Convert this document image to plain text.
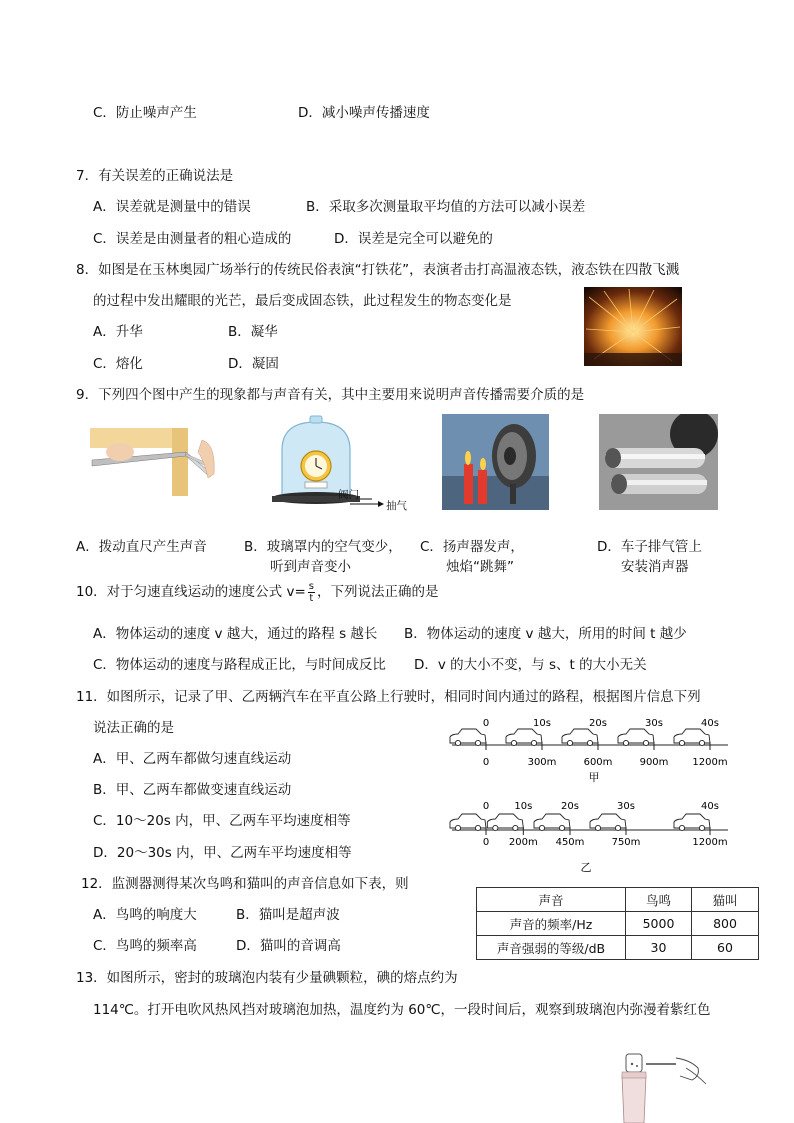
C．防止噪声产生	D．减小噪声传播速度
7．有关误差的正确说法是
A．误差就是测量中的错误	B．采取多次测量取平均值的方法可以减小误差
C．误差是由测量者的粗心造成的	D．误差是完全可以避免的
8．如图是在玉林奥园广场举行的传统民俗表演“打铁花”，表演者击打高温液态铁，液态铁在四散飞溅
的过程中发出耀眼的光芒，最后变成固态铁，此过程发生的物态变化是
A．升华	B．凝华
C．熔化	D．凝固
9．下列四个图中产生的现象都与声音有关，其中主要用来说明声音传播需要介质的是
阀门
抽气
A．拨动直尺产生声音	B．玻璃罩内的空气变少，
听到声音变小
C．扬声器发声，
烛焰“跳舞”
D．车子排气管上
安装消声器
10．对于匀速直线运动的速度公式 $v= \frac{s}{t}$ ，下列说法正确的是
A．物体运动的速度 v 越大，通过的路程 s 越长 B．物体运动的速度 v 越大，所用的时间 t 越少
C．物体运动的速度与路程成正比，与时间成反比 D．v 的大小不变，与 s、t 的大小无关
11．如图所示，记录了甲、乙两辆汽车在平直公路上行驶时，相同时间内通过的路程，根据图片信息下列
说法正确的是
A．甲、乙两车都做匀速直线运动
B．甲、乙两车都做变速直线运动
C．10～20s 内，甲、乙两车平均速度相等
D．20～30s 内，甲、乙两车平均速度相等
0
0
10s
300m
20s
600m
30s
900m
40s
1200m
0
0
10s
200m
20s
450m
30s
750m
40s
1200m
甲
乙
12．监测器测得某次鸟鸣和猫叫的声音信息如下表，则
A．鸟鸣的响度大	B．猫叫是超声波
C．鸟鸣的频率高	D．猫叫的音调高
声音	鸟鸣	猫叫
声音的频率/Hz	5000	800
声音强弱的等级/dB	30	60
13．如图所示，密封的玻璃泡内装有少量碘颗粒，碘的熔点约为
114℃。打开电吹风热风挡对玻璃泡加热，温度约为 60℃，一段时间后，观察到玻璃泡内弥漫着紫红色
